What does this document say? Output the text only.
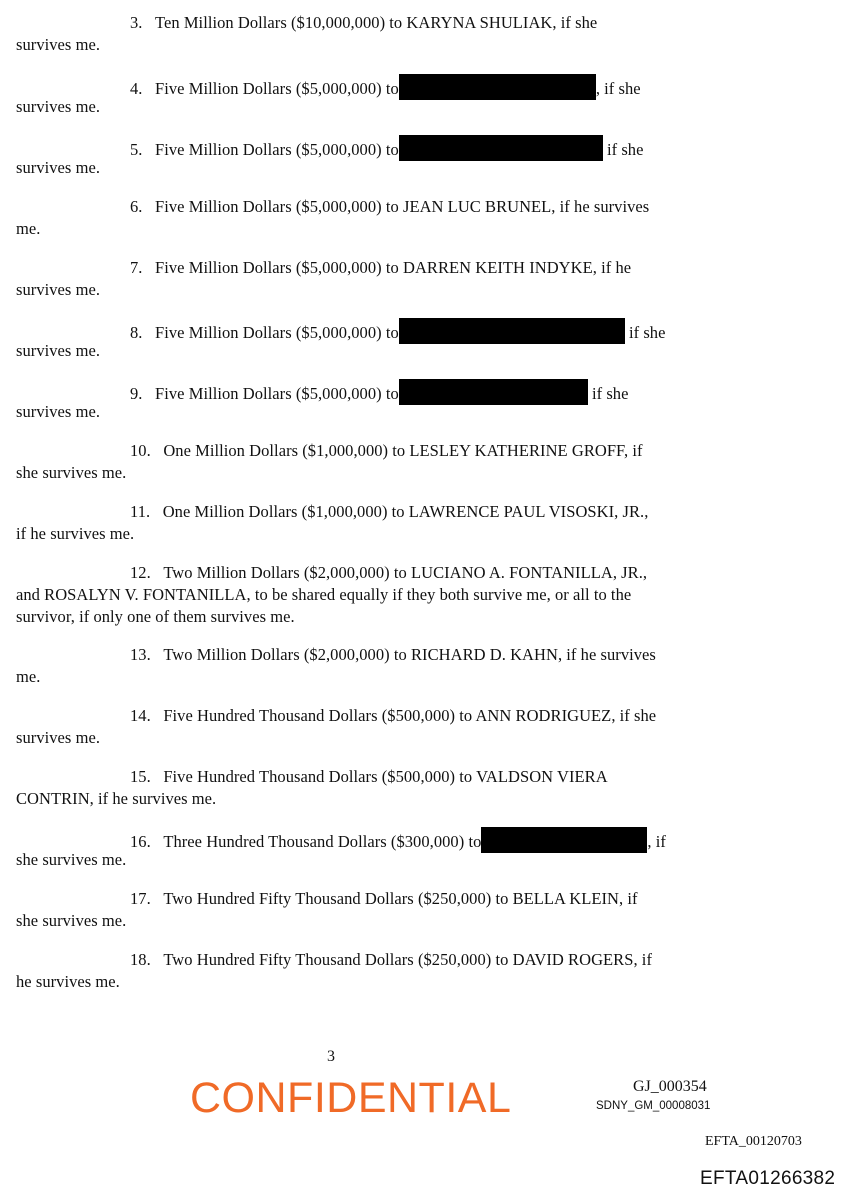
3. Ten Million Dollars ($10,000,000) to KARYNA SHULIAK, if she
survives me.
4. Five Million Dollars ($5,000,000) to	, if she
survives me.
5. Five Million Dollars ($5,000,000) to	if she
survives me.
6. Five Million Dollars ($5,000,000) to JEAN LUC BRUNEL, if he survives
me.
7. Five Million Dollars ($5,000,000) to DARREN KEITH INDYKE, if he
survives me.
8. Five Million Dollars ($5,000,000) to	if she
survives me.
9. Five Million Dollars ($5,000,000) to	if she
survives me.
10. One Million Dollars ($1,000,000) to LESLEY KATHERINE GROFF, if
she survives me.
11. One Million Dollars ($1,000,000) to LAWRENCE PAUL VISOSKI, JR.,
if he survives me.
12. Two Million Dollars ($2,000,000) to LUCIANO A. FONTANILLA, JR.,
and ROSALYN V. FONTANILLA, to be shared equally if they both survive me, or all to the
survivor, if only one of them survives me.
13. Two Million Dollars ($2,000,000) to RICHARD D. KAHN, if he survives
me.
14. Five Hundred Thousand Dollars ($500,000) to ANN RODRIGUEZ, if she
survives me.
15. Five Hundred Thousand Dollars ($500,000) to VALDSON VIERA
CONTRIN, if he survives me.
16. Three Hundred Thousand Dollars ($300,000) to	, if
she survives me.
17. Two Hundred Fifty Thousand Dollars ($250,000) to BELLA KLEIN, if
she survives me.
18. Two Hundred Fifty Thousand Dollars ($250,000) to DAVID ROGERS, if
he survives me.
3
CONFIDENTIAL	GJ_000354
SDNY_GM_00008031
EFTA_00120703
EFTA01266382
